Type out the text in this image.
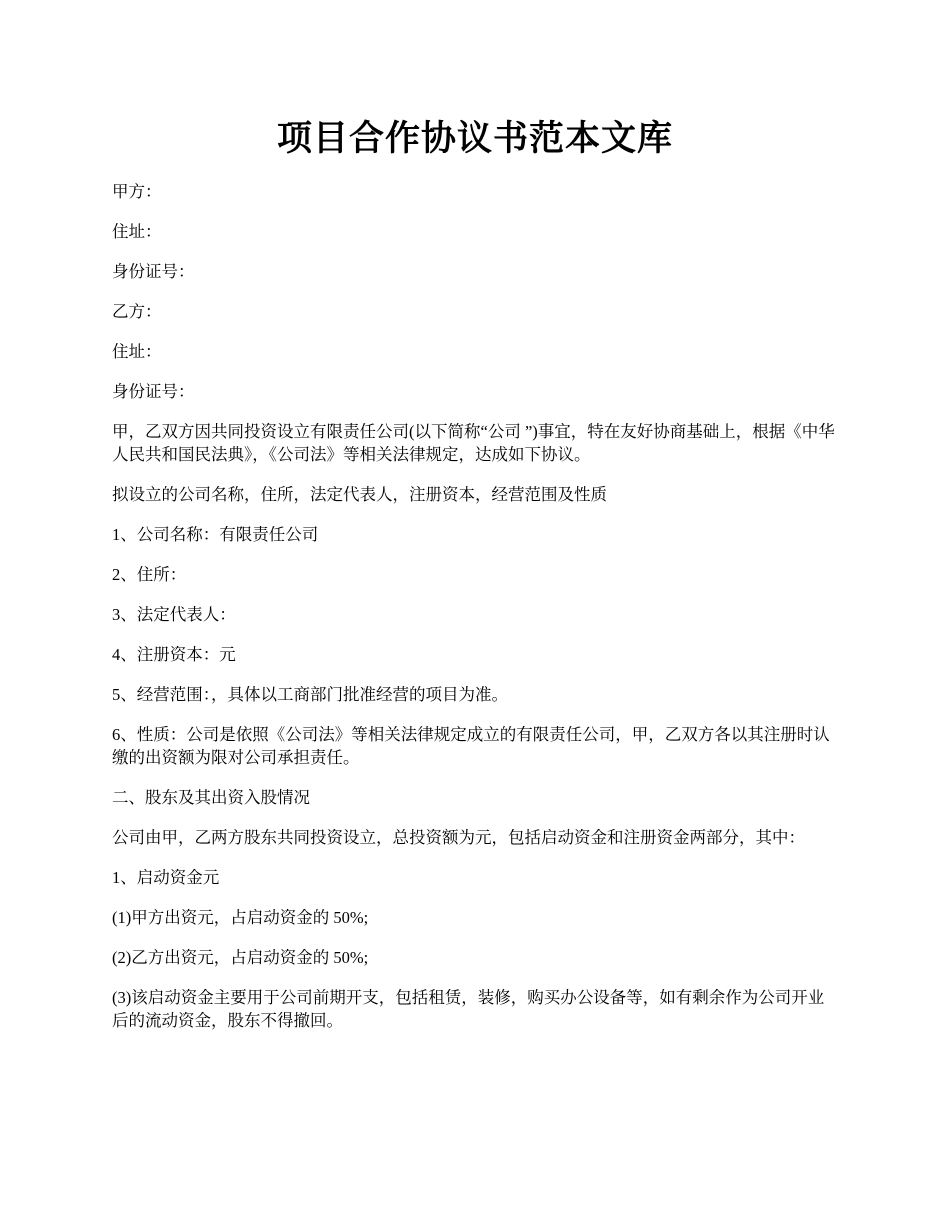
项目合作协议书范本文库

甲方：

住址：

身份证号：

乙方：

住址：

身份证号：

甲，乙双方因共同投资设立有限责任公司(以下简称“公司 ”)事宜，特在友好协商基础上，根据《中华人民共和国民法典》，《公司法》等相关法律规定，达成如下协议。

拟设立的公司名称，住所，法定代表人，注册资本，经营范围及性质

1、公司名称：有限责任公司

2、住所：

3、法定代表人：

4、注册资本：元

5、经营范围：，具体以工商部门批准经营的项目为准。

6、性质：公司是依照《公司法》等相关法律规定成立的有限责任公司，甲，乙双方各以其注册时认缴的出资额为限对公司承担责任。

二、股东及其出资入股情况

公司由甲，乙两方股东共同投资设立，总投资额为元，包括启动资金和注册资金两部分，其中：

1、启动资金元

(1)甲方出资元，占启动资金的 50%;

(2)乙方出资元，占启动资金的 50%;

(3)该启动资金主要用于公司前期开支，包括租赁，装修，购买办公设备等，如有剩余作为公司开业后的流动资金，股东不得撤回。
